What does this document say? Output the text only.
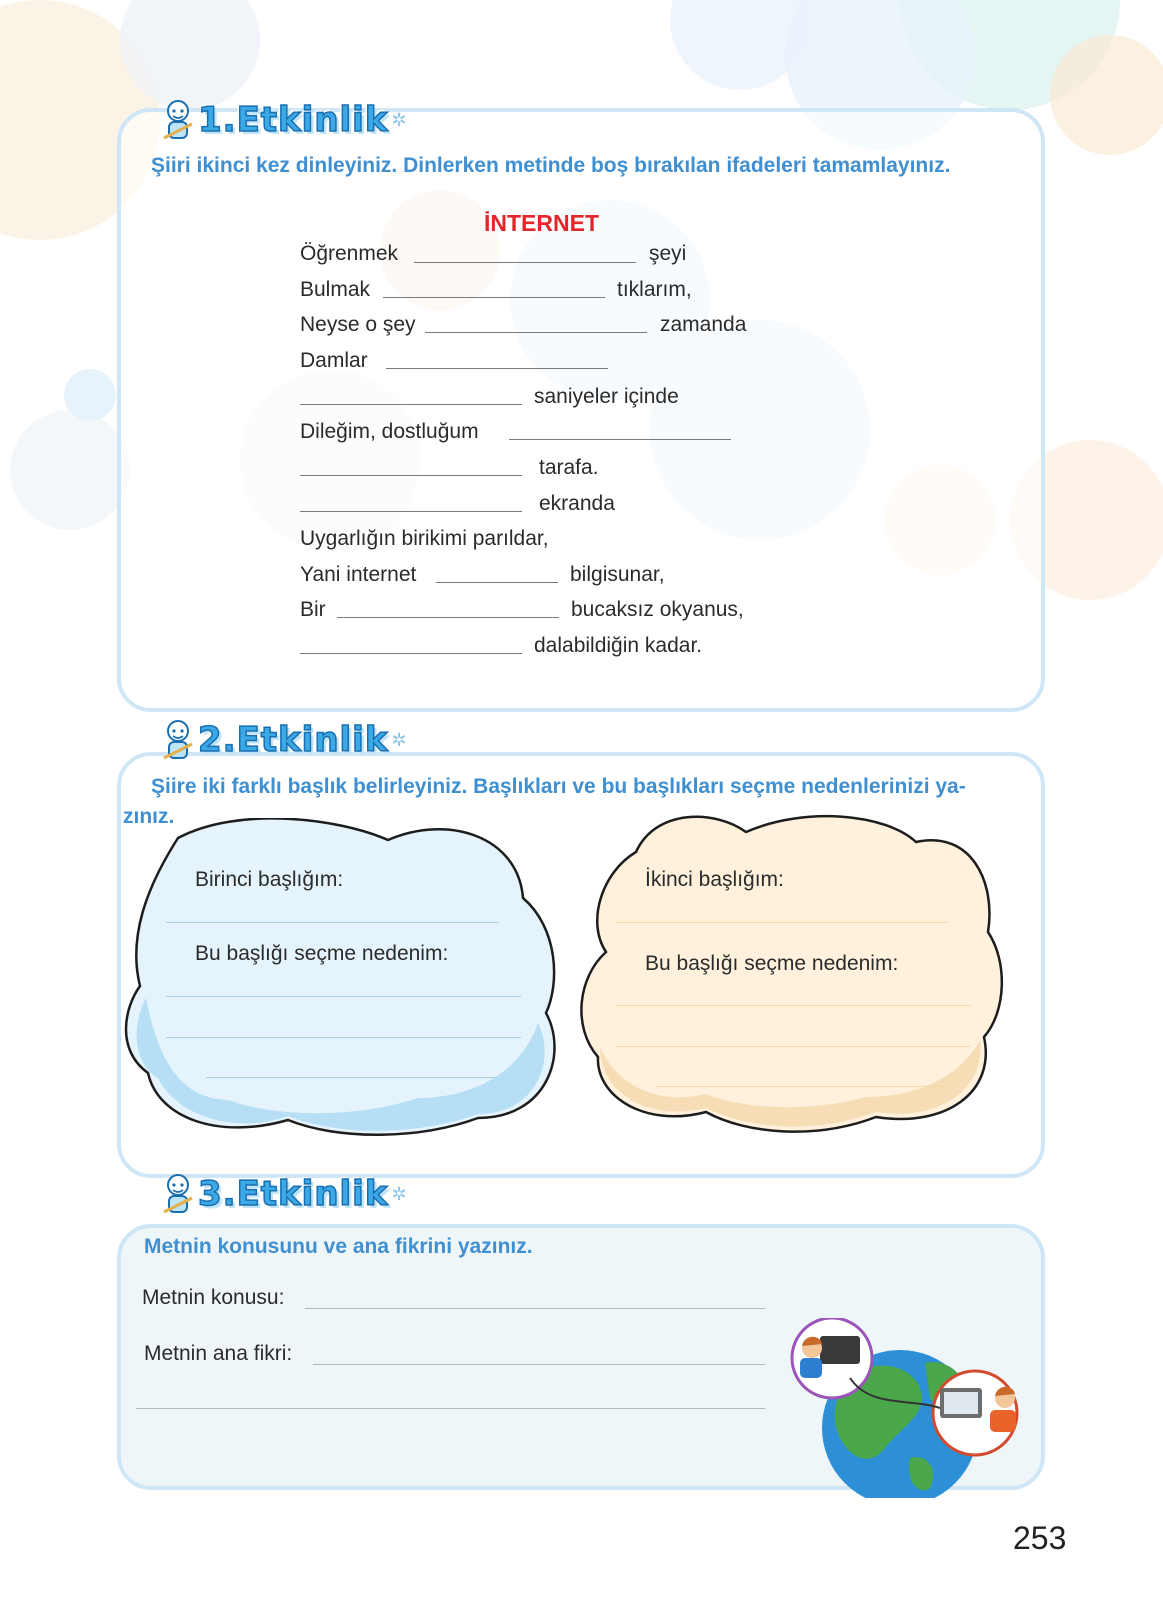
1.Etkinlik ✲
Şiiri ikinci kez dinleyiniz. Dinlerken metinde boş bırakılan ifadeleri tamamlayınız.
İNTERNET
Öğrenmek	şeyi
Bulmak	tıklarım,
Neyse o şey	zamanda
Damlar
saniyeler içinde
Dileğim, dostluğum
tarafa.
ekranda
Uygarlığın birikimi parıldar,
Yani internet	bilgisunar,
Bir	bucaksız okyanus,
dalabildiğin kadar.
2.Etkinlik ✲
Şiire iki farklı başlık belirleyiniz. Başlıkları ve bu başlıkları seçme nedenlerinizi ya-
zınız.
Birinci başlığım:
Bu başlığı seçme nedenim:
İkinci başlığım:
Bu başlığı seçme nedenim:
3.Etkinlik ✲
Metnin konusunu ve ana fikrini yazınız.
Metnin konusu:
Metnin ana fikri:
253
